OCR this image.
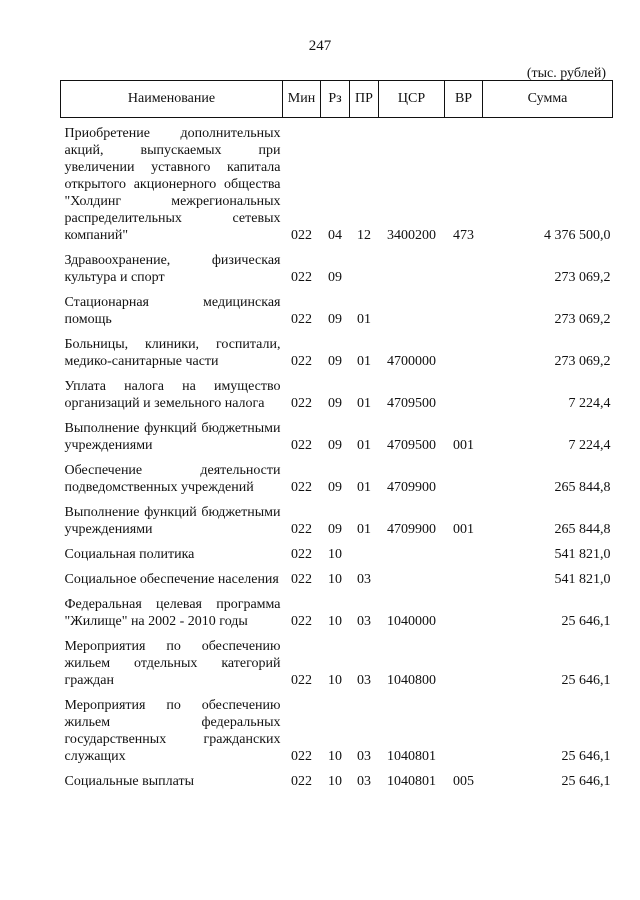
247
(тыс. рублей)
Наименование	Мин	Рз	ПР	ЦСР	ВР	Сумма
Приобретение дополнительных акций, выпускаемых при увеличении уставного капитала открытого акционерного общества "Холдинг межрегиональных распределительных сетевых компаний"	022	04	12	3400200	473	4 376 500,0
Здравоохранение, физическая культура и спорт	022	09				273 069,2
Стационарная медицинская помощь	022	09	01			273 069,2
Больницы, клиники, госпитали, медико-санитарные части	022	09	01	4700000		273 069,2
Уплата налога на имущество организаций и земельного налога	022	09	01	4709500		7 224,4
Выполнение функций бюджетными учреждениями	022	09	01	4709500	001	7 224,4
Обеспечение деятельности подведомственных учреждений	022	09	01	4709900		265 844,8
Выполнение функций бюджетными учреждениями	022	09	01	4709900	001	265 844,8
Социальная политика	022	10				541 821,0
Социальное обеспечение населения	022	10	03			541 821,0
Федеральная целевая программа "Жилище" на 2002 - 2010 годы	022	10	03	1040000		25 646,1
Мероприятия по обеспечению жильем отдельных категорий граждан	022	10	03	1040800		25 646,1
Мероприятия по обеспечению жильем федеральных государственных гражданских служащих	022	10	03	1040801		25 646,1
Социальные выплаты	022	10	03	1040801	005	25 646,1
